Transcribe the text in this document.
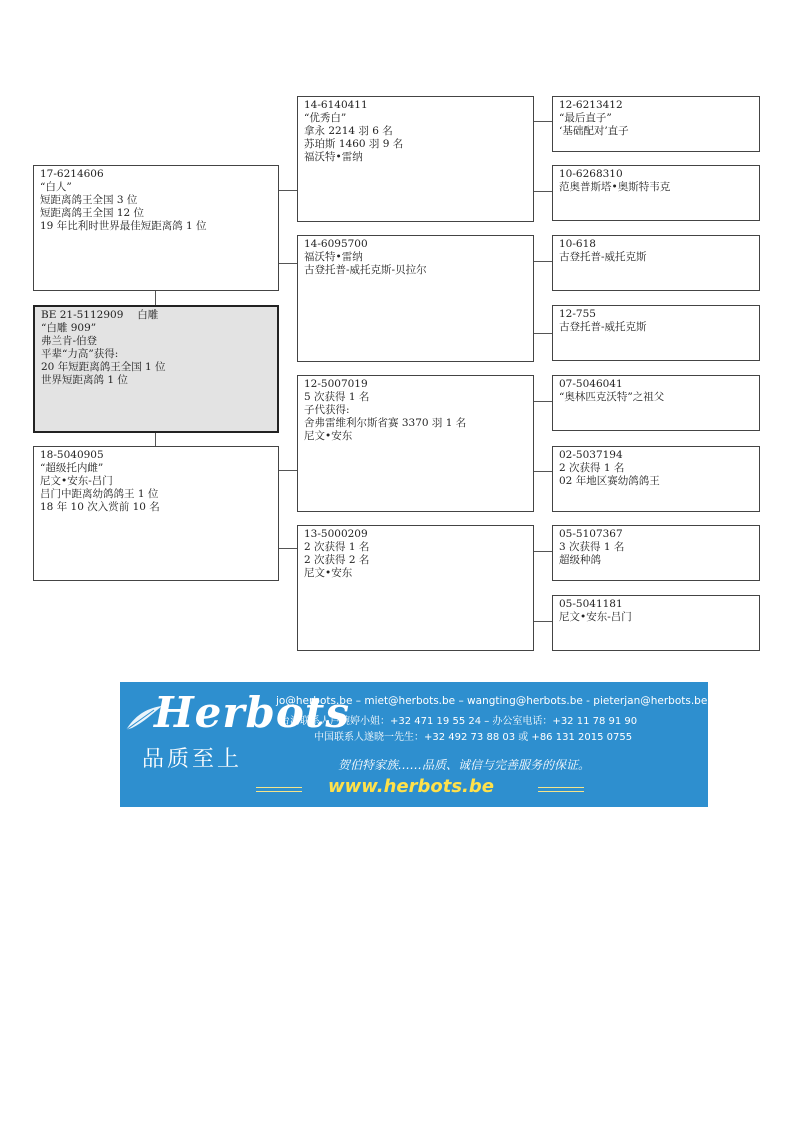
BE 21-5112909　 白雕
“白雕 909”
弗兰肯-伯登
平辈“力高”获得:
20 年短距离鸽王全国 1 位
世界短距离鸽 1 位
17-6214606
“白人”
短距离鸽王全国 3 位
短距离鸽王全国 12 位
19 年比利时世界最佳短距离鸽 1 位
18-5040905
“超级托内雌”
尼文•安东-吕门
吕门中距离幼鸽鸽王 1 位
18 年 10 次入赏前 10 名
14-6140411
“优秀白”
拿永 2214 羽 6 名
苏珀斯 1460 羽 9 名
福沃特•雷纳
14-6095700
福沃特•雷纳
古登托普-威托克斯-贝拉尔
12-5007019
5 次获得 1 名
子代获得:
舍弗雷维利尔斯省赛 3370 羽 1 名
尼文•安东
13-5000209
2 次获得 1 名
2 次获得 2 名
尼文•安东
12-6213412
“最后直子”
‘基础配对’直子
10-6268310
范奥普斯塔•奥斯特韦克
10-618
古登托普-威托克斯
12-755
古登托普-威托克斯
07-5046041
“奥林匹克沃特”之祖父
02-5037194
2 次获得 1 名
02 年地区赛幼鸽鸽王
05-5107367
3 次获得 1 名
超级种鸽
05-5041181
尼文•安东-吕门
Herbots
品质至上
jo@herbots.be – miet@herbots.be – wangting@herbots.be - pieterjan@herbots.be
台湾联系人卢婉婷小姐：+32 471 19 55 24 – 办公室电话：+32 11 78 91 90
中国联系人遂晓一先生：+32 492 73 88 03 或 +86 131 2015 0755
贺伯特家族……品质、诚信与完善服务的保证。
www.herbots.be
